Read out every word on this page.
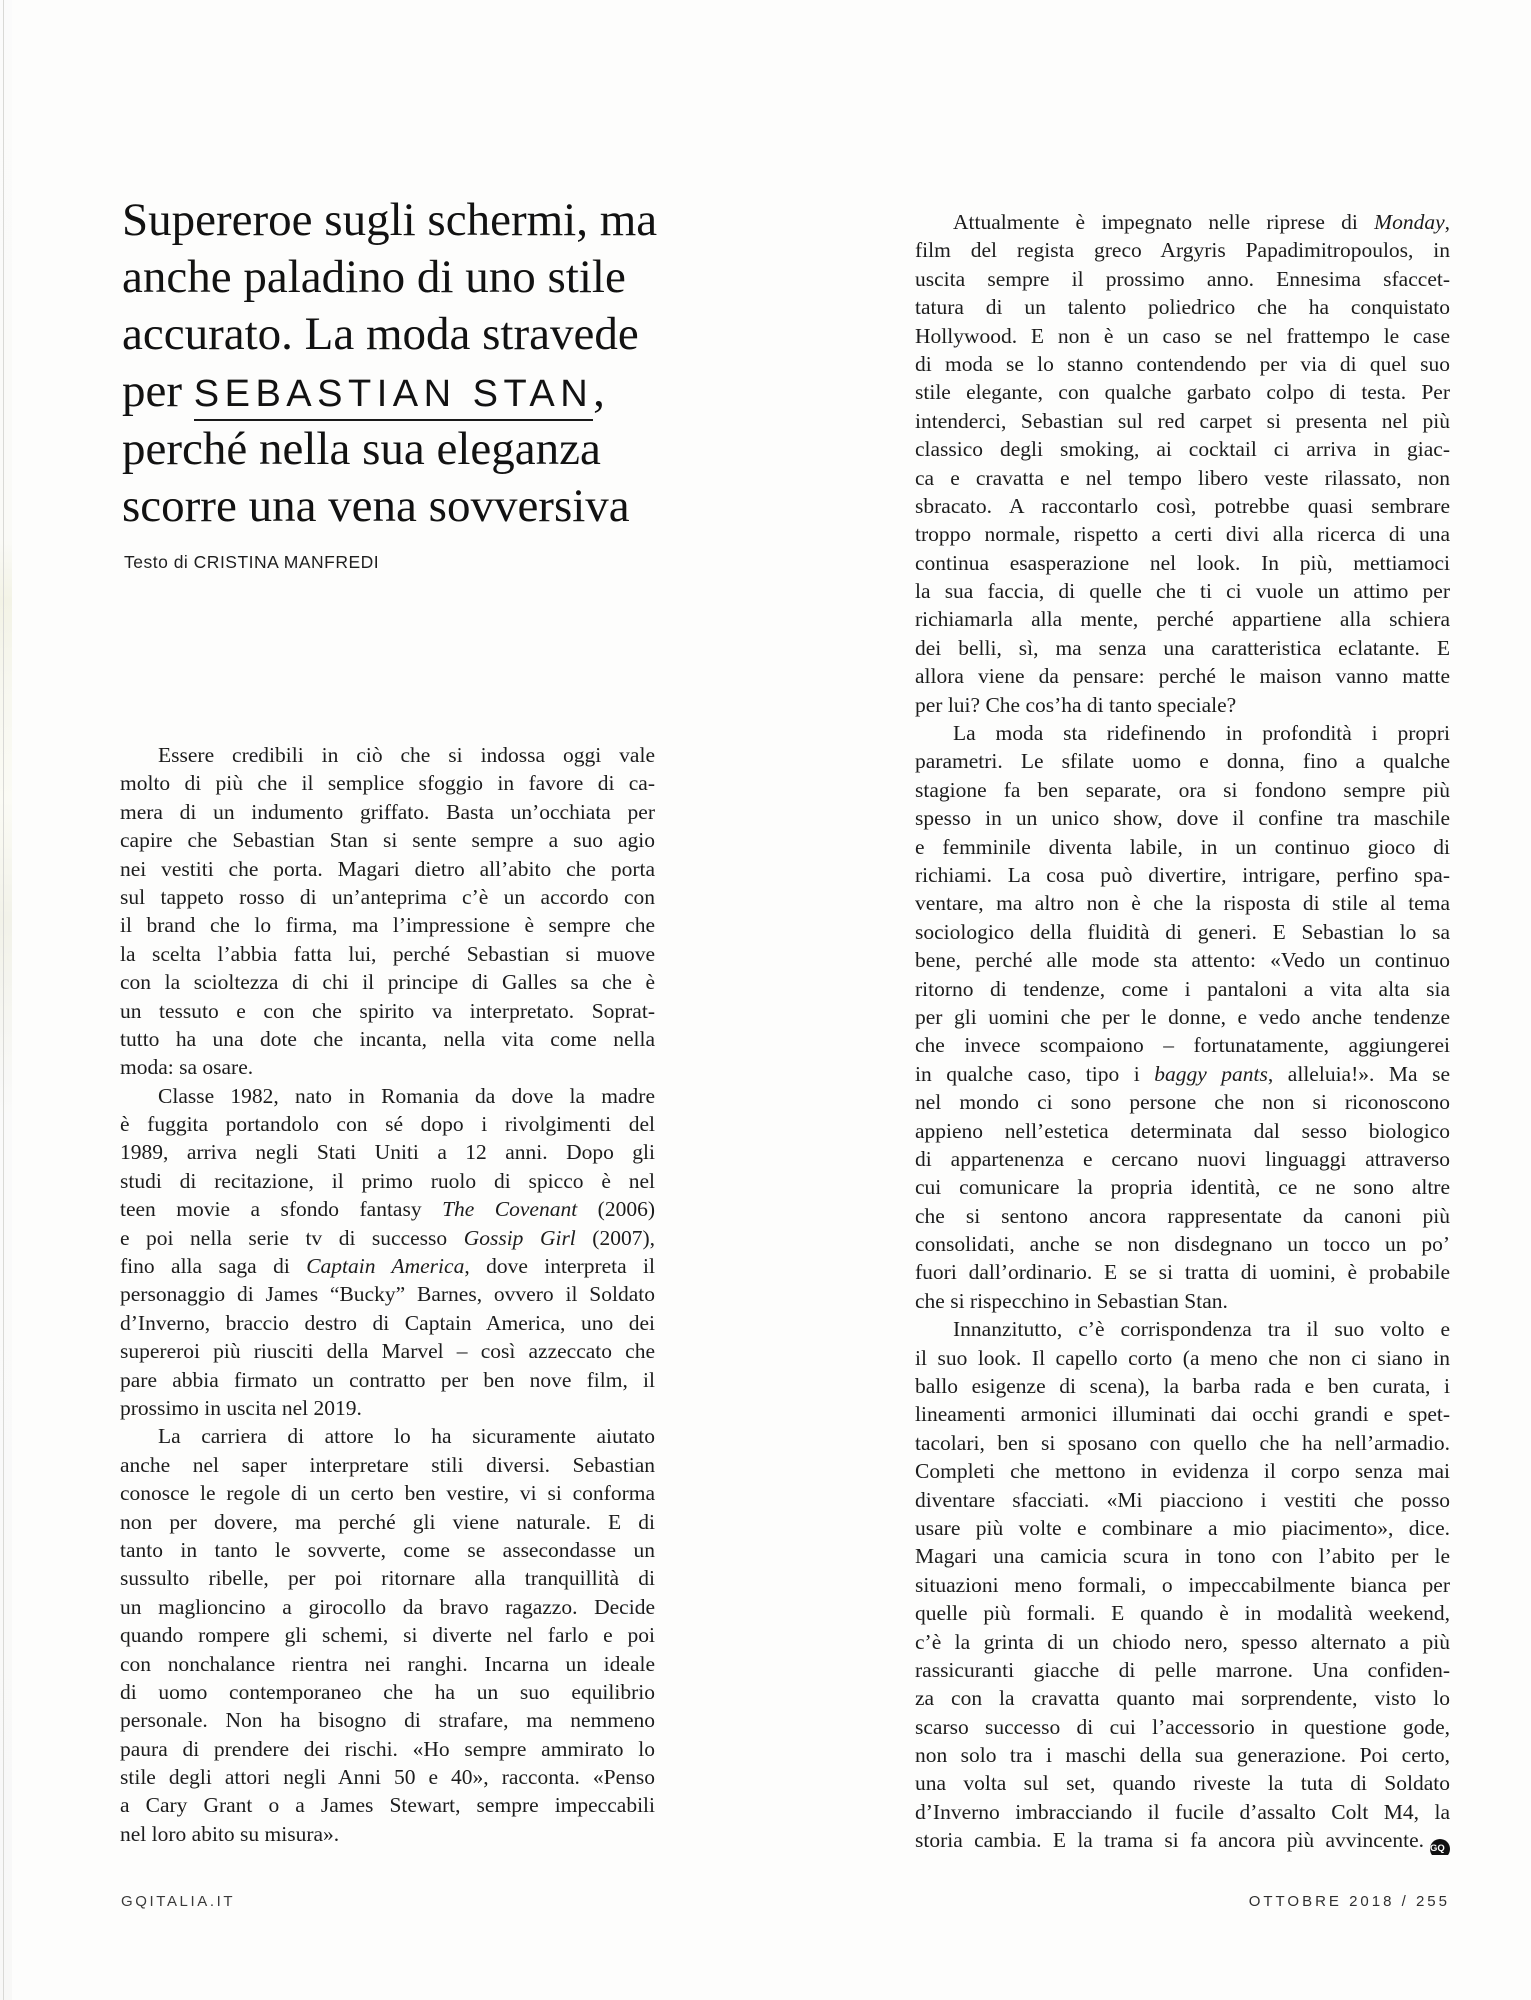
Supereroe sugli schermi, ma
anche paladino di uno stile
accurato. La moda stravede
per SEBASTIAN STAN,
perché nella sua eleganza
scorre una vena sovversiva
Testo di CRISTINA MANFREDI
Essere credibili in ciò che si indossa oggi vale
molto di più che il semplice sfoggio in favore di ca-
mera di un indumento griffato. Basta un’occhiata per
capire che Sebastian Stan si sente sempre a suo agio
nei vestiti che porta. Magari dietro all’abito che porta
sul tappeto rosso di un’anteprima c’è un accordo con
il brand che lo firma, ma l’impressione è sempre che
la scelta l’abbia fatta lui, perché Sebastian si muove
con la scioltezza di chi il principe di Galles sa che è
un tessuto e con che spirito va interpretato. Soprat-
tutto ha una dote che incanta, nella vita come nella
moda: sa osare.
Classe 1982, nato in Romania da dove la madre
è fuggita portandolo con sé dopo i rivolgimenti del
1989, arriva negli Stati Uniti a 12 anni. Dopo gli
studi di recitazione, il primo ruolo di spicco è nel
teen movie a sfondo fantasy The Covenant (2006)
e poi nella serie tv di successo Gossip Girl (2007),
fino alla saga di Captain America, dove interpreta il
personaggio di James “Bucky” Barnes, ovvero il Soldato
d’Inverno, braccio destro di Captain America, uno dei
supereroi più riusciti della Marvel – così azzeccato che
pare abbia firmato un contratto per ben nove film, il
prossimo in uscita nel 2019.
La carriera di attore lo ha sicuramente aiutato
anche nel saper interpretare stili diversi. Sebastian
conosce le regole di un certo ben vestire, vi si conforma
non per dovere, ma perché gli viene naturale. E di
tanto in tanto le sovverte, come se assecondasse un
sussulto ribelle, per poi ritornare alla tranquillità di
un maglioncino a girocollo da bravo ragazzo. Decide
quando rompere gli schemi, si diverte nel farlo e poi
con nonchalance rientra nei ranghi. Incarna un ideale
di uomo contemporaneo che ha un suo equilibrio
personale. Non ha bisogno di strafare, ma nemmeno
paura di prendere dei rischi. «Ho sempre ammirato lo
stile degli attori negli Anni 50 e 40», racconta. «Penso
a Cary Grant o a James Stewart, sempre impeccabili
nel loro abito su misura».
Attualmente è impegnato nelle riprese di Monday,
film del regista greco Argyris Papadimitropoulos, in
uscita sempre il prossimo anno. Ennesima sfaccet-
tatura di un talento poliedrico che ha conquistato
Hollywood. E non è un caso se nel frattempo le case
di moda se lo stanno contendendo per via di quel suo
stile elegante, con qualche garbato colpo di testa. Per
intenderci, Sebastian sul red carpet si presenta nel più
classico degli smoking, ai cocktail ci arriva in giac-
ca e cravatta e nel tempo libero veste rilassato, non
sbracato. A raccontarlo così, potrebbe quasi sembrare
troppo normale, rispetto a certi divi alla ricerca di una
continua esasperazione nel look. In più, mettiamoci
la sua faccia, di quelle che ti ci vuole un attimo per
richiamarla alla mente, perché appartiene alla schiera
dei belli, sì, ma senza una caratteristica eclatante. E
allora viene da pensare: perché le maison vanno matte
per lui? Che cos’ha di tanto speciale?
La moda sta ridefinendo in profondità i propri
parametri. Le sfilate uomo e donna, fino a qualche
stagione fa ben separate, ora si fondono sempre più
spesso in un unico show, dove il confine tra maschile
e femminile diventa labile, in un continuo gioco di
richiami. La cosa può divertire, intrigare, perfino spa-
ventare, ma altro non è che la risposta di stile al tema
sociologico della fluidità di generi. E Sebastian lo sa
bene, perché alle mode sta attento: «Vedo un continuo
ritorno di tendenze, come i pantaloni a vita alta sia
per gli uomini che per le donne, e vedo anche tendenze
che invece scompaiono – fortunatamente, aggiungerei
in qualche caso, tipo i baggy pants, alleluia!». Ma se
nel mondo ci sono persone che non si riconoscono
appieno nell’estetica determinata dal sesso biologico
di appartenenza e cercano nuovi linguaggi attraverso
cui comunicare la propria identità, ce ne sono altre
che si sentono ancora rappresentate da canoni più
consolidati, anche se non disdegnano un tocco un po’
fuori dall’ordinario. E se si tratta di uomini, è probabile
che si rispecchino in Sebastian Stan.
Innanzitutto, c’è corrispondenza tra il suo volto e
il suo look. Il capello corto (a meno che non ci siano in
ballo esigenze di scena), la barba rada e ben curata, i
lineamenti armonici illuminati dai occhi grandi e spet-
tacolari, ben si sposano con quello che ha nell’armadio.
Completi che mettono in evidenza il corpo senza mai
diventare sfacciati. «Mi piacciono i vestiti che posso
usare più volte e combinare a mio piacimento», dice.
Magari una camicia scura in tono con l’abito per le
situazioni meno formali, o impeccabilmente bianca per
quelle più formali. E quando è in modalità weekend,
c’è la grinta di un chiodo nero, spesso alternato a più
rassicuranti giacche di pelle marrone. Una confiden-
za con la cravatta quanto mai sorprendente, visto lo
scarso successo di cui l’accessorio in questione gode,
non solo tra i maschi della sua generazione. Poi certo,
una volta sul set, quando riveste la tuta di Soldato
d’Inverno imbracciando il fucile d’assalto Colt M4, la
storia cambia. E la trama si fa ancora più avvincente. GQ
GQITALIA.IT	OTTOBRE 2018 / 255
